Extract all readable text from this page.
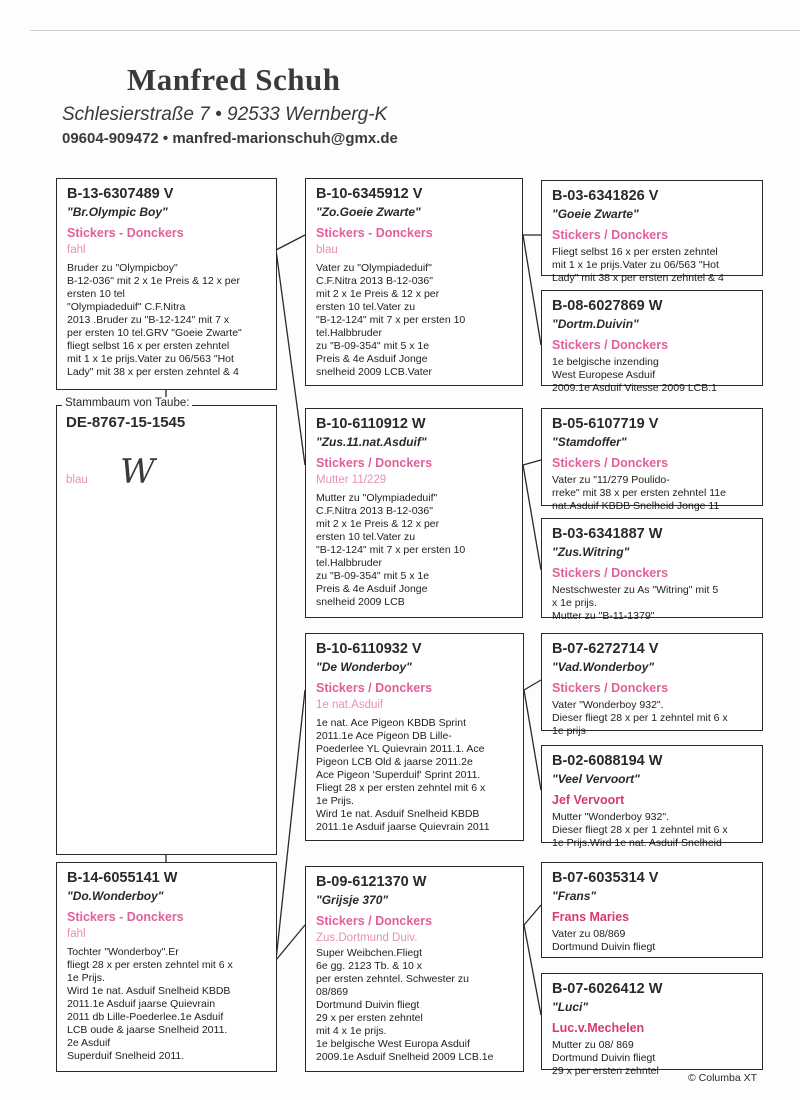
Manfred Schuh
Schlesierstraße 7 • 92533 Wernberg-K
09604-909472 • manfred-marionschuh@gmx.de
B-13-6307489 V
"Br.Olympic Boy"
Stickers - Donckers
fahl
Bruder zu "Olympicboy"
B-12-036" mit 2 x 1e Preis & 12 x per
ersten 10 tel
"Olympiadeduif" C.F.Nitra
2013 .Bruder zu "B-12-124" mit 7 x
per ersten 10 tel.GRV "Goeie Zwarte"
fliegt selbst 16 x per ersten zehntel
mit 1 x 1e prijs.Vater zu 06/563 "Hot
Lady" mit 38 x per ersten zehntel & 4
Stammbaum von Taube:
DE-8767-15-1545
blau W
B-14-6055141 W
"Do.Wonderboy"
Stickers - Donckers
fahl
Tochter "Wonderboy".Er
fliegt 28 x per ersten zehntel mit 6 x
1e Prijs.
Wird 1e nat. Asduif Snelheid KBDB
2011.1e Asduif jaarse Quievrain
2011 db Lille-Poederlee.1e Asduif
LCB oude & jaarse Snelheid 2011.
2e Asduif
Superduif Snelheid 2011.
B-10-6345912 V
"Zo.Goeie Zwarte"
Stickers - Donckers
blau
Vater zu "Olympiadeduif"
C.F.Nitra 2013 B-12-036"
mit 2 x 1e Preis & 12 x per
ersten 10 tel.Vater zu
"B-12-124" mit 7 x per ersten 10
tel.Halbbruder
zu "B-09-354" mit 5 x 1e
Preis & 4e Asduif Jonge
snelheid 2009 LCB.Vater
B-10-6110912 W
"Zus.11.nat.Asduif"
Stickers / Donckers
Mutter 11/229
Mutter zu "Olympiadeduif"
C.F.Nitra 2013 B-12-036"
mit 2 x 1e Preis & 12 x per
ersten 10 tel.Vater zu
"B-12-124" mit 7 x per ersten 10
tel.Halbbruder
zu "B-09-354" mit 5 x 1e
Preis & 4e Asduif Jonge
snelheid 2009 LCB
B-10-6110932 V
"De Wonderboy"
Stickers / Donckers
1e nat.Asduif
1e nat. Ace Pigeon KBDB Sprint
2011.1e Ace Pigeon DB Lille-
Poederlee YL Quievrain 2011.1. Ace
Pigeon LCB Old & jaarse 2011.2e
Ace Pigeon 'Superduif' Sprint 2011.
Fliegt 28 x per ersten zehntel mit 6 x
1e Prijs.
Wird 1e nat. Asduif Snelheid KBDB
2011.1e Asduif jaarse Quievrain 2011
B-09-6121370 W
"Grijsje 370"
Stickers / Donckers
Zus.Dortmund Duiv.
Super Weibchen.Fliegt
6e gg. 2123 Tb. & 10 x
per ersten zehntel. Schwester zu
08/869
Dortmund Duivin fliegt
29 x per ersten zehntel
mit 4 x 1e prijs.
1e belgische West Europa Asduif
2009.1e Asduif Snelheid 2009 LCB.1e
B-03-6341826 V
"Goeie Zwarte"
Stickers / Donckers
Fliegt selbst 16 x per ersten zehntel
mit 1 x 1e prijs.Vater zu 06/563 "Hot
Lady" mit 38 x per ersten zehntel & 4
B-08-6027869 W
"Dortm.Duivin"
Stickers / Donckers
1e belgische inzending
West Europese Asduif
2009.1e Asduif Vitesse 2009 LCB.1
B-05-6107719 V
"Stamdoffer"
Stickers / Donckers
Vater zu "11/279 Poulido-
rreke" mit 38 x per ersten zehntel 11e
nat.Asduif KBDB Snelheid Jonge 11
B-03-6341887 W
"Zus.Witring"
Stickers / Donckers
Nestschwester zu As "Witring" mit 5
x 1e prijs.
Mutter zu "B-11-1379"
B-07-6272714 V
"Vad.Wonderboy"
Stickers / Donckers
Vater "Wonderboy 932".
Dieser fliegt 28 x per 1 zehntel mit 6 x
1e prijs
B-02-6088194 W
"Veel Vervoort"
Jef Vervoort
Mutter "Wonderboy 932".
Dieser fliegt 28 x per 1 zehntel mit 6 x
1e Prijs.Wird 1e nat. Asduif Snelheid
B-07-6035314 V
"Frans"
Frans Maries
Vater zu 08/869
Dortmund Duivin fliegt
B-07-6026412 W
"Luci"
Luc.v.Mechelen
Mutter zu 08/ 869
Dortmund Duivin fliegt
29 x per ersten zehntel
© Columba XT
